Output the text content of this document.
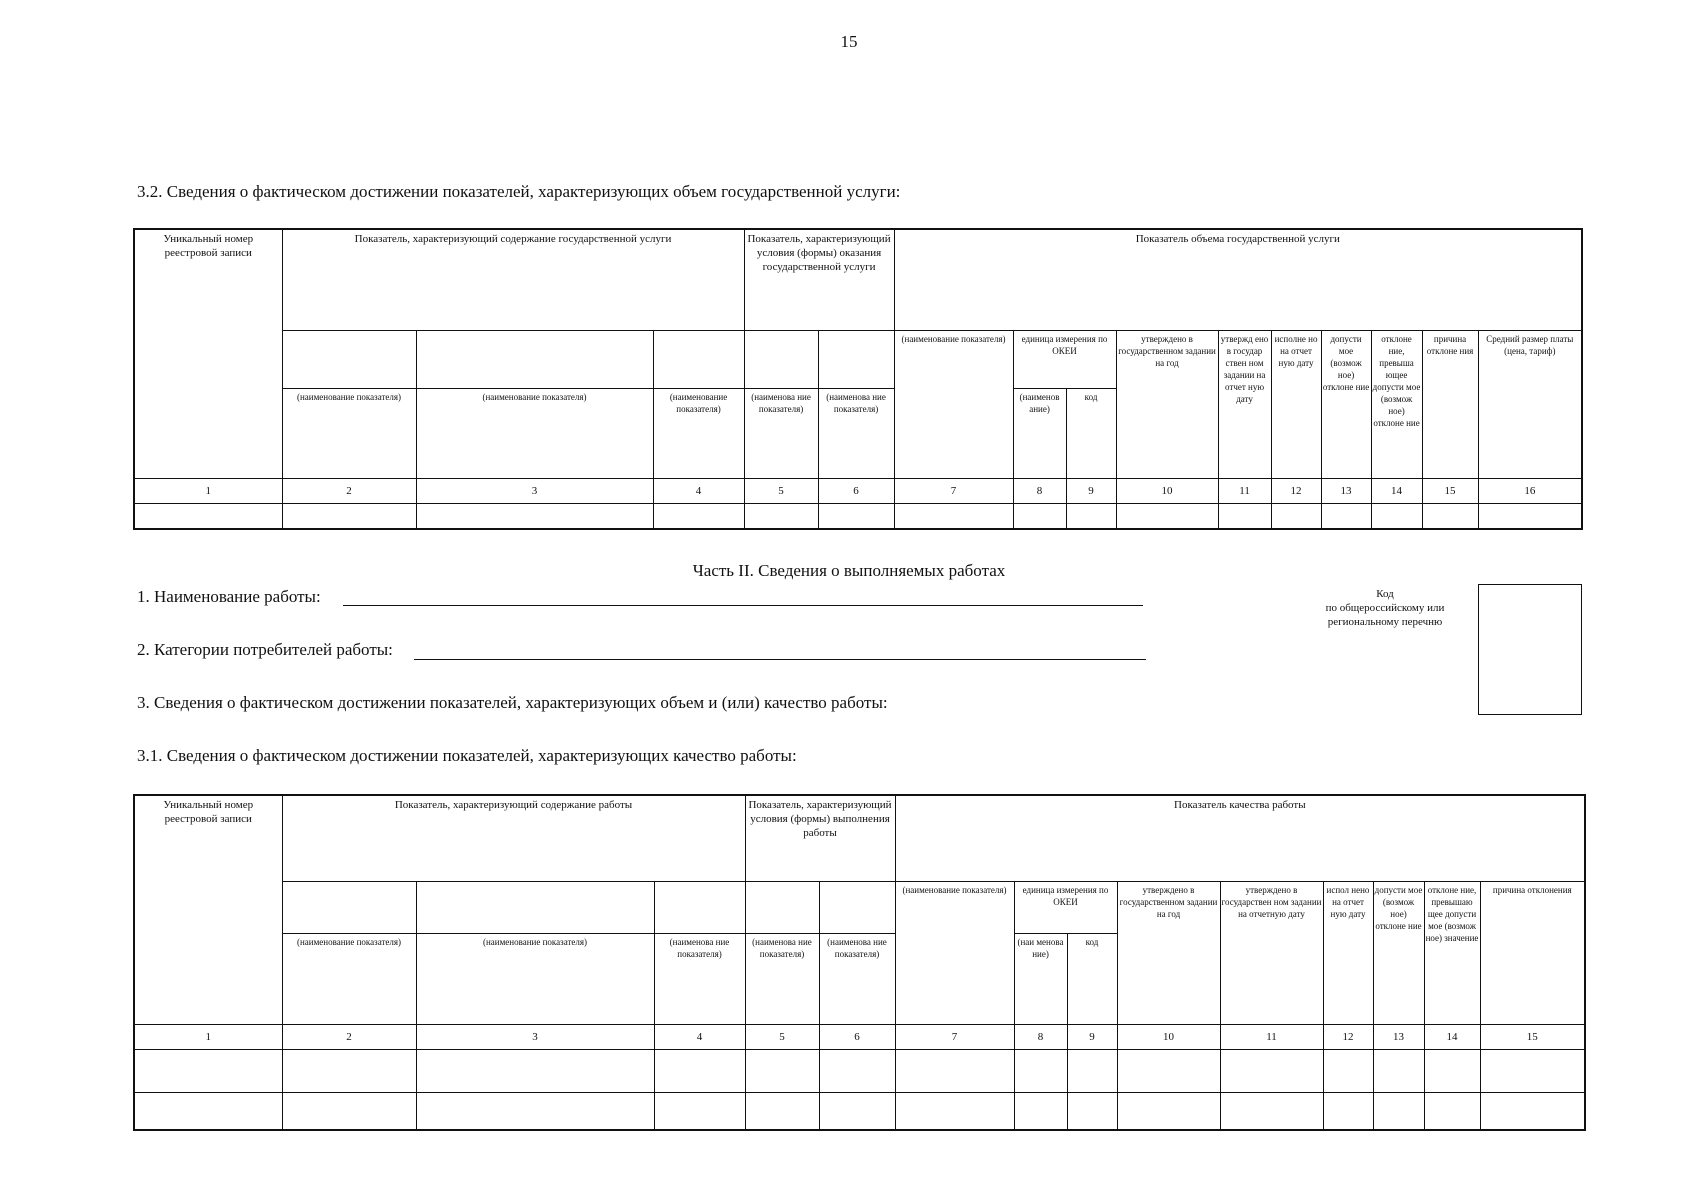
15
3.2. Сведения о фактическом достижении показателей, характеризующих объем государственной услуги:
Уникальный номер реестровой записи	Показатель, характеризующий содержание государственной услуги			Показатель, характеризующий условия (формы) оказания государственной услуги		Показатель объема государственной услуги									
						(наименование показателя)	единица измерения по ОКЕИ		утверждено в государственном задании на год	утвержд ено в государ ствен ном задании на отчет ную дату	исполне но на отчет ную дату	допусти мое (возмож ное) отклоне ние	отклоне ние, превыша ющее допусти мое (возмож ное) отклоне ние	причина отклоне ния	Средний размер платы (цена, тариф)
	(наименование показателя)	(наименование показателя)	(наименование показателя)	(наименова ние показателя)	(наименова ние показателя)		(наименов ание)	код							
1	2	3	4	5	6	7	8	9	10	11	12	13	14	15	16

Часть II. Сведения о выполняемых работах
1. Наименование работы:
2. Категории потребителей работы:
Код
по общероссийскому или
региональному перечню
3. Сведения о фактическом достижении показателей, характеризующих объем и (или) качество работы:
3.1. Сведения о фактическом достижении показателей, характеризующих качество работы:
Уникальный номер реестровой записи	Показатель, характеризующий содержание работы			Показатель, характеризующий условия (формы) выполнения работы		Показатель качества работы								
						(наименование показателя)	единица измерения по ОКЕИ		утверждено в государственном задании на год	утверждено в государствен ном задании на отчетную дату	испол нено на отчет ную дату	допусти мое (возмож ное) отклоне ние	отклоне ние, превышаю щее допусти мое (возмож ное) значение	причина отклонения
	(наименование показателя)	(наименование показателя)	(наименова ние показателя)	(наименова ние показателя)	(наименова ние показателя)		(наи менова ние)	код						
1	2	3	4	5	6	7	8	9	10	11	12	13	14	15
